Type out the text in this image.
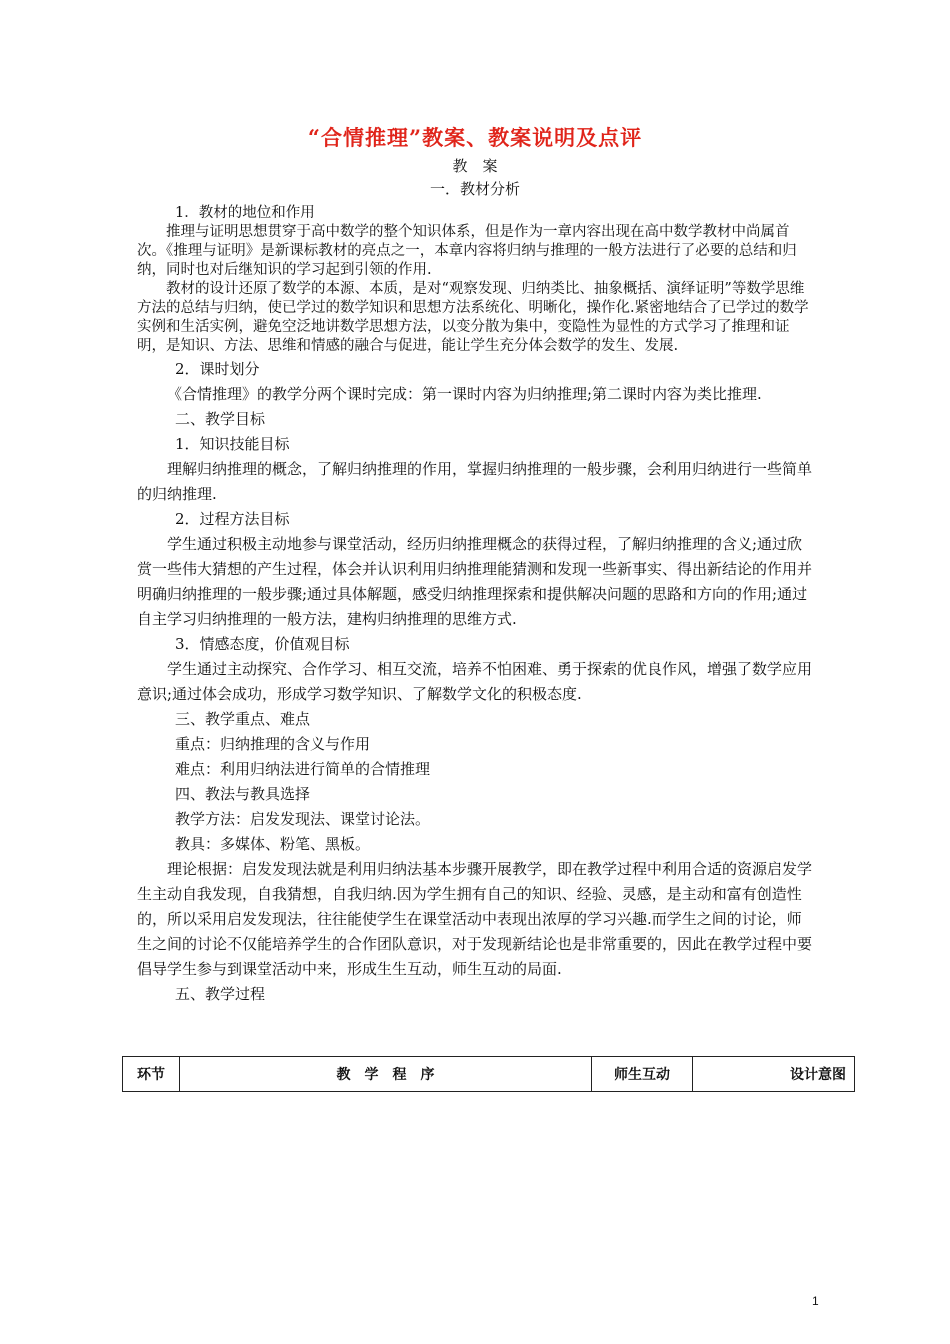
“合情推理”教案、教案说明及点评
教　案
一．教材分析
1．教材的地位和作用
推理与证明思想贯穿于高中数学的整个知识体系，但是作为一章内容出现在高中数学教材中尚属首次。《推理与证明》是新课标教材的亮点之一，本章内容将归纳与推理的一般方法进行了必要的总结和归纳，同时也对后继知识的学习起到引领的作用.
教材的设计还原了数学的本源、本质，是对“观察发现、归纳类比、抽象概括、演绎证明”等数学思维方法的总结与归纳，使已学过的数学知识和思想方法系统化、明晰化，操作化.紧密地结合了已学过的数学实例和生活实例，避免空泛地讲数学思想方法，以变分散为集中，变隐性为显性的方式学习了推理和证明，是知识、方法、思维和情感的融合与促进，能让学生充分体会数学的发生、发展.
2．课时划分
《合情推理》的教学分两个课时完成：第一课时内容为归纳推理;第二课时内容为类比推理.
二、教学目标
1．知识技能目标
理解归纳推理的概念，了解归纳推理的作用，掌握归纳推理的一般步骤，会利用归纳进行一些简单的归纳推理.
2．过程方法目标
学生通过积极主动地参与课堂活动，经历归纳推理概念的获得过程，了解归纳推理的含义;通过欣赏一些伟大猜想的产生过程，体会并认识利用归纳推理能猜测和发现一些新事实、得出新结论的作用并明确归纳推理的一般步骤;通过具体解题，感受归纳推理探索和提供解决问题的思路和方向的作用;通过自主学习归纳推理的一般方法，建构归纳推理的思维方式.
3．情感态度，价值观目标
学生通过主动探究、合作学习、相互交流，培养不怕困难、勇于探索的优良作风，增强了数学应用意识;通过体会成功，形成学习数学知识、了解数学文化的积极态度.
三、教学重点、难点
重点：归纳推理的含义与作用
难点：利用归纳法进行简单的合情推理
四、教法与教具选择
教学方法：启发发现法、课堂讨论法。
教具：多媒体、粉笔、黑板。
理论根据：启发发现法就是利用归纳法基本步骤开展教学，即在教学过程中利用合适的资源启发学生主动自我发现，自我猜想，自我归纳.因为学生拥有自己的知识、经验、灵感，是主动和富有创造性的，所以采用启发发现法，往往能使学生在课堂活动中表现出浓厚的学习兴趣.而学生之间的讨论，师生之间的讨论不仅能培养学生的合作团队意识，对于发现新结论也是非常重要的，因此在教学过程中要倡导学生参与到课堂活动中来，形成生生互动，师生互动的局面.
五、教学过程
环节	教　学　程　序	师生互动	设计意图
1
